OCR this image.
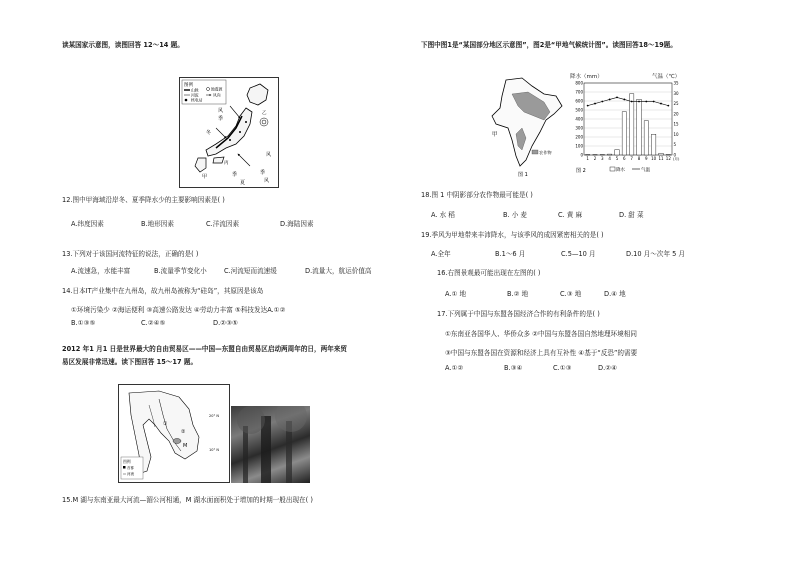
读某国家示意图，读图回答 12～14 题。
图例
山脉
河流
核电站
地震源
风向
风
季
冬
乙
甲	季
夏
风
季
风
丙
12.图中甲海域沿岸冬、夏季降水少的主要影响因素是( )
A.纬度因素	B.地形因素	C.洋流因素	D.海陆因素
13.下列对于该国河流特征的说法，正确的是( )
A.流速急，水能丰富	B.流量季节变化小	C.河流短而流速缓	D.流量大，航运价值高
14.日本IT产业集中在九州岛，故九州岛被称为“硅岛”，其原因是该岛
①环境污染少 ②海运便利 ③高速公路发达 ④劳动力丰富 ⑤科技发达A.①②
B.①③⑤	C.②④⑤	D.②③⑤
2012 年1 月1 日是世界最大的自由贸易区——中国—东盟自由贸易区启动两周年的日，两年来贸
易区发展非常迅速。读下图回答 15～17 题。
①
②
M
20° N
10° N
图例
首都
河流
15.M 湖与东南亚最大河流—湄公河相通，M 湖水面面积处于增加的时期一般出现在( )
下图中图1是“某国部分地区示意图”，图2是“甲地气候统计图”。读图回答18～19题。
甲
农作物
图 1
降水（mm）	气温（℃）
0
100
200
300
400
500
600
700
800
0
5
10
15
20
25
30
35
1 2 3 4 5 6 7 8 9 10 11 12 (月)
图 2	降水	气温
18.图 1 中阴影部分农作物最可能是( )
A. 水 稻	B. 小 麦	C. 黄 麻	D. 甜 菜
19.季风为甲地带来丰沛降水，与该季风的成因紧密相关的是( )
A.全年	B.1～6 月	C.5—10 月	D.10 月～次年 5 月
16.右图景观最可能出现在左图的( )
A.① 地	B.② 地	C.③ 地	D.④ 地
17.下列属于中国与东盟各国经济合作的有利条件的是( )
①东南亚各国华人、华侨众多 ②中国与东盟各国自然地理环境相同
③中国与东盟各国在资源和经济上具有互补性 ④基于“反恐”的需要
A.①②	B.③④	C.①③	D.②④
